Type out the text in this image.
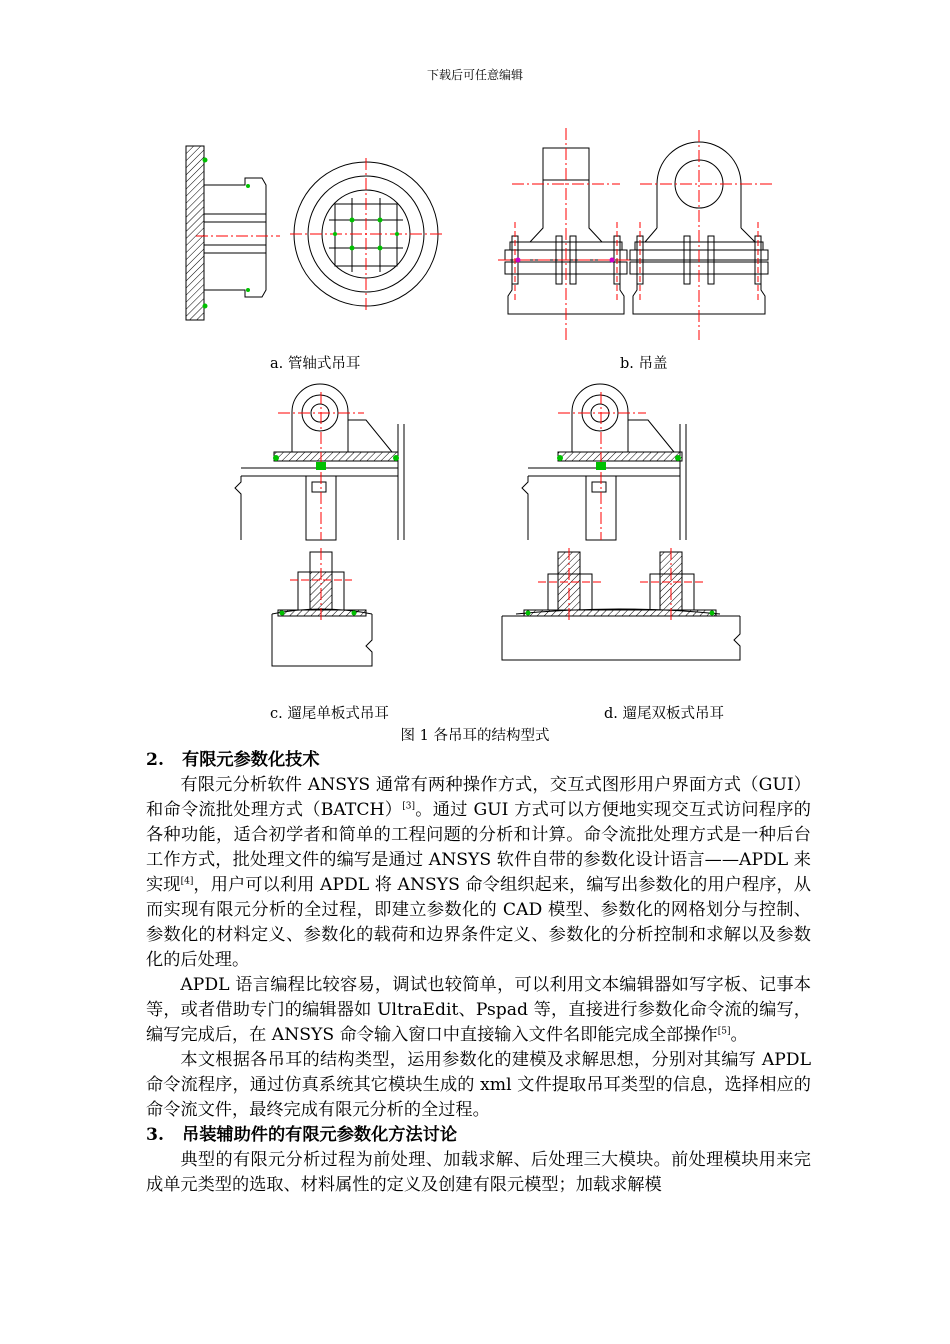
下载后可任意编辑
a. 管轴式吊耳	b. 吊盖
c. 遛尾单板式吊耳	d. 遛尾双板式吊耳
图 1 各吊耳的结构型式
2. 有限元参数化技术

有限元分析软件 ANSYS 通常有两种操作方式，交互式图形用户界面方式（GUI）和命令流批处理方式（BATCH）[3]。通过 GUI 方式可以方便地实现交互式访问程序的各种功能，适合初学者和简单的工程问题的分析和计算。命令流批处理方式是一种后台工作方式，批处理文件的编写是通过 ANSYS 软件自带的参数化设计语言——APDL 来实现[4]，用户可以利用 APDL 将 ANSYS 命令组织起来，编写出参数化的用户程序，从而实现有限元分析的全过程，即建立参数化的 CAD 模型、参数化的网格划分与控制、参数化的材料定义、参数化的载荷和边界条件定义、参数化的分析控制和求解以及参数化的后处理。

APDL 语言编程比较容易，调试也较简单，可以利用文本编辑器如写字板、记事本等，或者借助专门的编辑器如 UltraEdit、Pspad 等，直接进行参数化命令流的编写，编写完成后，在 ANSYS 命令输入窗口中直接输入文件名即能完成全部操作[5]。

本文根据各吊耳的结构类型，运用参数化的建模及求解思想，分别对其编写 APDL 命令流程序，通过仿真系统其它模块生成的 xml 文件提取吊耳类型的信息，选择相应的命令流文件，最终完成有限元分析的全过程。

3. 吊装辅助件的有限元参数化方法讨论

典型的有限元分析过程为前处理、加载求解、后处理三大模块。前处理模块用来完成单元类型的选取、材料属性的定义及创建有限元模型；加载求解模
